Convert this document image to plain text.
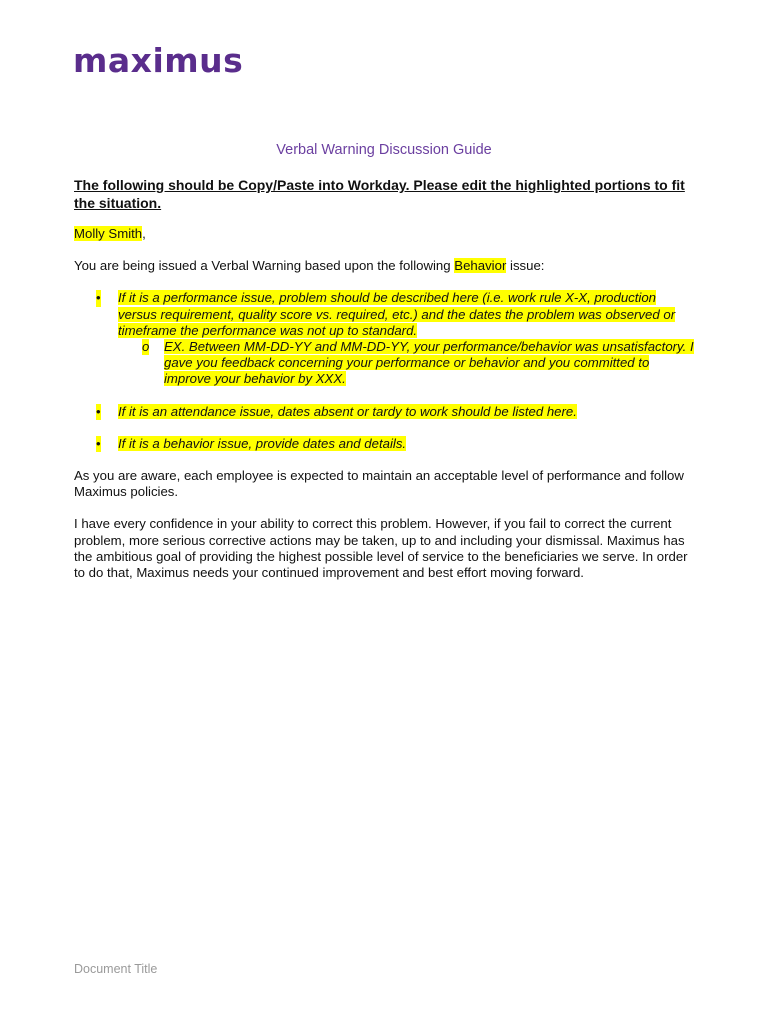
maximus
Verbal Warning Discussion Guide
The following should be Copy/Paste into Workday. Please edit the highlighted portions to fit the situation.

Molly Smith,

You are being issued a Verbal Warning based upon the following Behavior issue:

• If it is a performance issue, problem should be described here (i.e. work rule X-X, production versus requirement, quality score vs. required, etc.) and the dates the problem was observed or timeframe the performance was not up to standard.
o EX. Between MM-DD-YY and MM-DD-YY, your performance/behavior was unsatisfactory. I gave you feedback concerning your performance or behavior and you committed to improve your behavior by XXX.
• If it is an attendance issue, dates absent or tardy to work should be listed here.
• If it is a behavior issue, provide dates and details.

As you are aware, each employee is expected to maintain an acceptable level of performance and follow Maximus policies.

I have every confidence in your ability to correct this problem. However, if you fail to correct the current problem, more serious corrective actions may be taken, up to and including your dismissal. Maximus has the ambitious goal of providing the highest possible level of service to the beneficiaries we serve. In order to do that, Maximus needs your continued improvement and best effort moving forward.

Document Title
